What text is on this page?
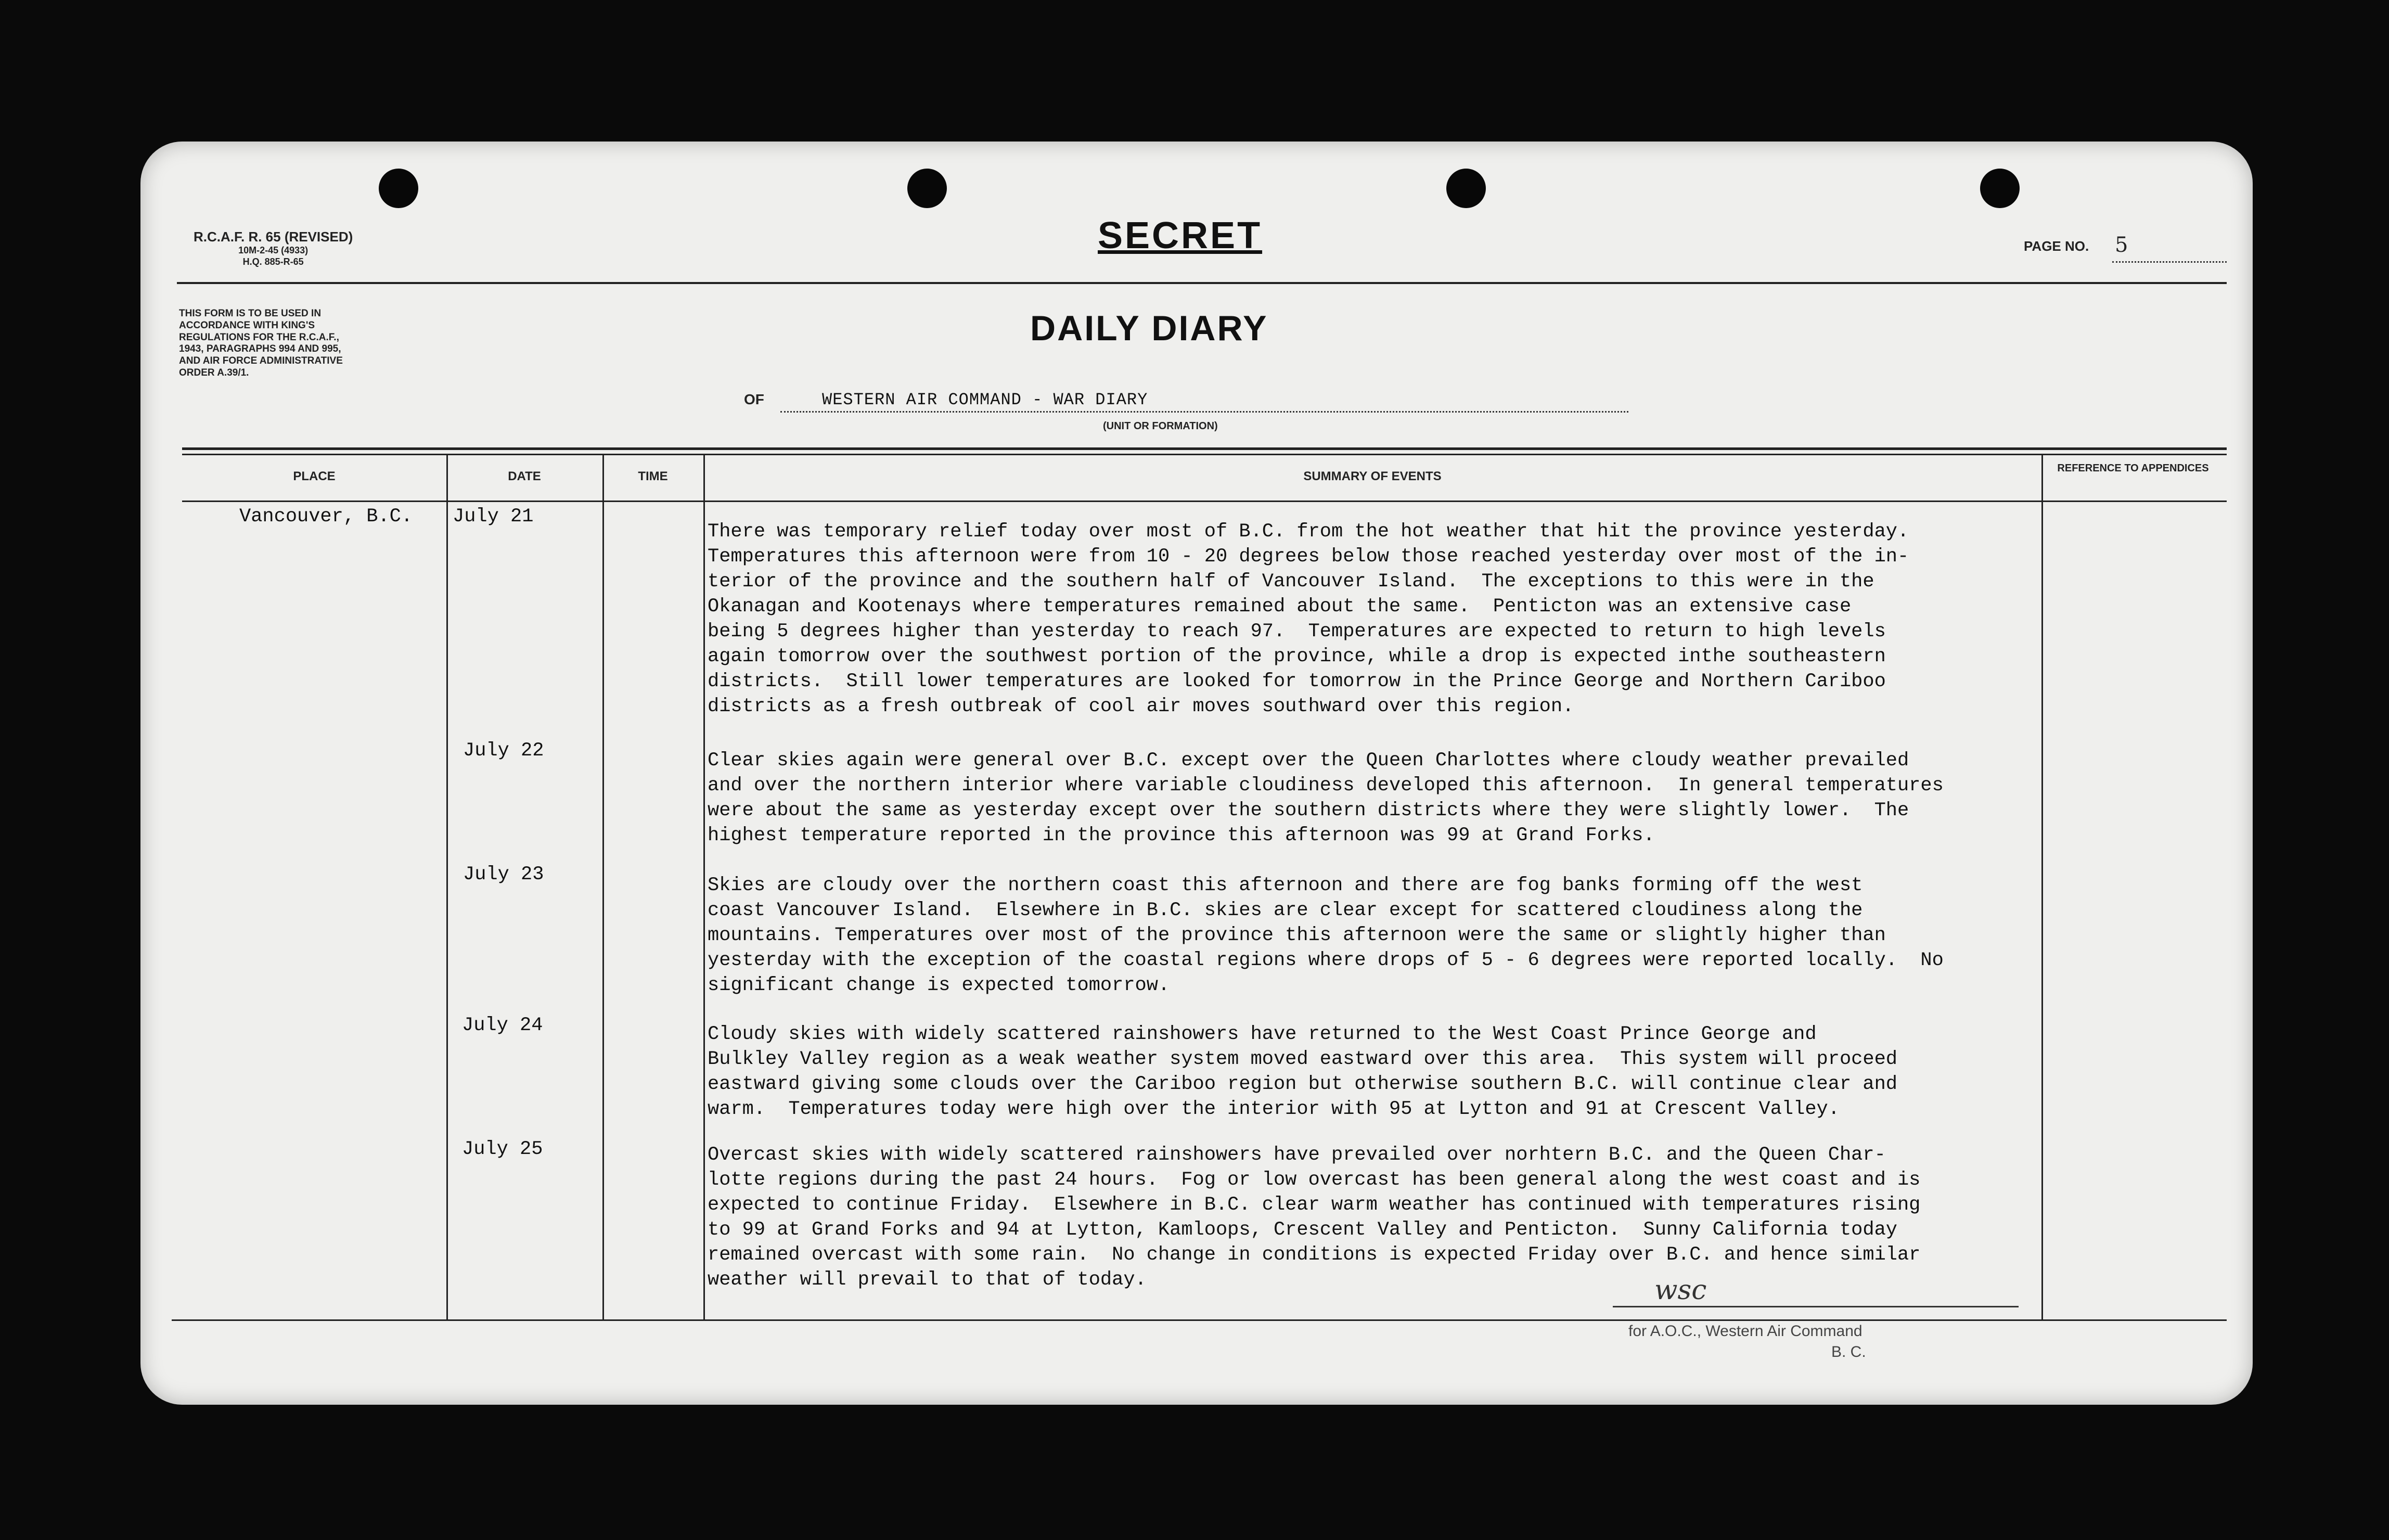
R.C.A.F. R. 65 (REVISED)
10M-2-45 (4933)
H.Q. 885-R-65
SECRET	PAGE NO. 5
THIS FORM IS TO BE USED IN ACCORDANCE WITH KING'S REGULATIONS FOR THE R.C.A.F., 1943, PARAGRAPHS 994 AND 995, AND AIR FORCE ADMINISTRATIVE ORDER A.39/1.
DAILY DIARY
OF	WESTERN AIR COMMAND - WAR DIARY
(UNIT OR FORMATION)
PLACE	DATE	TIME	SUMMARY OF EVENTS
REFERENCE TO APPENDICES
Vancouver, B.C. July 21
There was temporary relief today over most of B.C. from the hot weather that hit the province yesterday.
Temperatures this afternoon were from 10 - 20 degrees below those reached yesterday over most of the in-
terior of the province and the southern half of Vancouver Island.  The exceptions to this were in the
Okanagan and Kootenays where temperatures remained about the same.  Penticton was an extensive case
being 5 degrees higher than yesterday to reach 97.  Temperatures are expected to return to high levels
again tomorrow over the southwest portion of the province, while a drop is expected inthe southeastern
districts.  Still lower temperatures are looked for tomorrow in the Prince George and Northern Cariboo
districts as a fresh outbreak of cool air moves southward over this region.
July 22	Clear skies again were general over B.C. except over the Queen Charlottes where cloudy weather prevailed
and over the northern interior where variable cloudiness developed this afternoon.  In general temperatures
were about the same as yesterday except over the southern districts where they were slightly lower.  The
highest temperature reported in the province this afternoon was 99 at Grand Forks.
July 23	Skies are cloudy over the northern coast this afternoon and there are fog banks forming off the west
coast Vancouver Island.  Elsewhere in B.C. skies are clear except for scattered cloudiness along the
mountains. Temperatures over most of the province this afternoon were the same or slightly higher than
yesterday with the exception of the coastal regions where drops of 5 - 6 degrees were reported locally.  No
significant change is expected tomorrow.
July 24	Cloudy skies with widely scattered rainshowers have returned to the West Coast Prince George and
Bulkley Valley region as a weak weather system moved eastward over this area.  This system will proceed
eastward giving some clouds over the Cariboo region but otherwise southern B.C. will continue clear and
warm.  Temperatures today were high over the interior with 95 at Lytton and 91 at Crescent Valley.
July 25	Overcast skies with widely scattered rainshowers have prevailed over norhtern B.C. and the Queen Char-
lotte regions during the past 24 hours.  Fog or low overcast has been general along the west coast and is
expected to continue Friday.  Elsewhere in B.C. clear warm weather has continued with temperatures rising
to 99 at Grand Forks and 94 at Lytton, Kamloops, Crescent Valley and Penticton.  Sunny California today
remained overcast with some rain.  No change in conditions is expected Friday over B.C. and hence similar
weather will prevail to that of today.	wsc
for A.O.C., Western Air Command
B. C.
